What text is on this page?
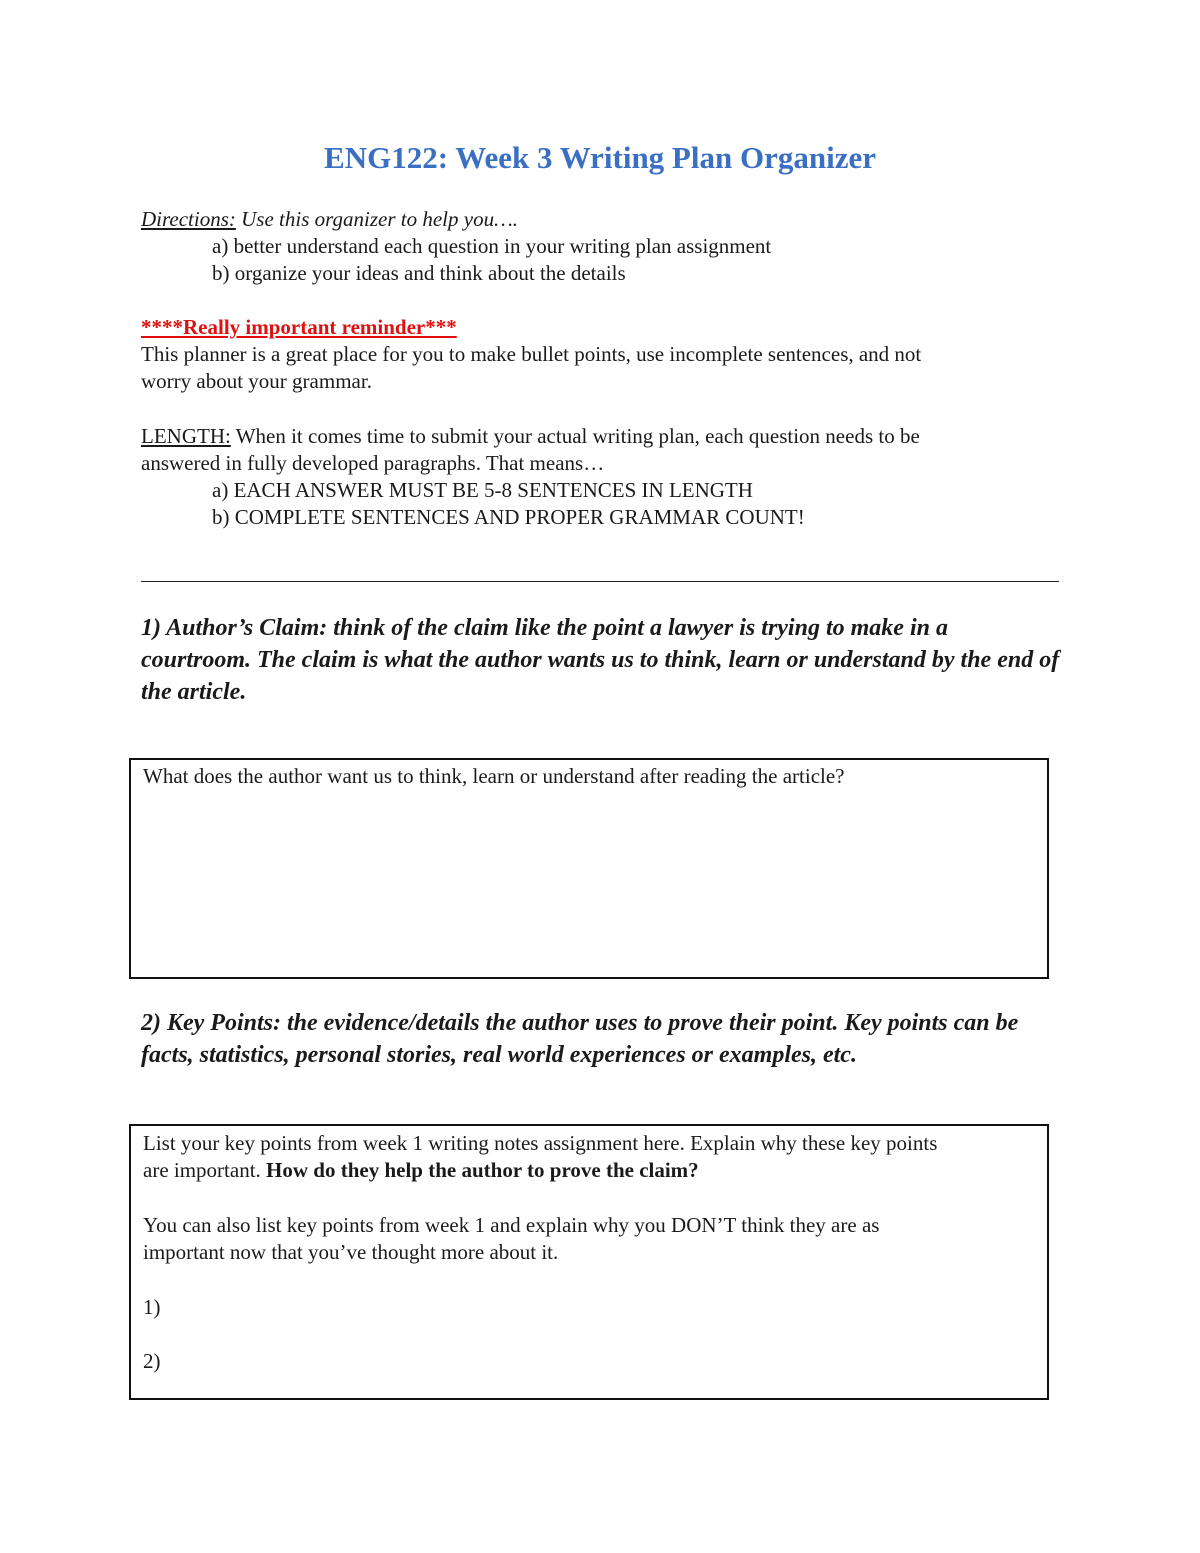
ENG122: Week 3 Writing Plan Organizer
Directions: Use this organizer to help you….
a) better understand each question in your writing plan assignment
b) organize your ideas and think about the details
****Really important reminder***
This planner is a great place for you to make bullet points, use incomplete sentences, and not
worry about your grammar.
LENGTH: When it comes time to submit your actual writing plan, each question needs to be
answered in fully developed paragraphs. That means…
a) EACH ANSWER MUST BE 5-8 SENTENCES IN LENGTH
b) COMPLETE SENTENCES AND PROPER GRAMMAR COUNT!
1) Author’s Claim: think of the claim like the point a lawyer is trying to make in a courtroom. The claim is what the author wants us to think, learn or understand by the end of the article.
What does the author want us to think, learn or understand after reading the article?
2) Key Points: the evidence/details the author uses to prove their point. Key points can be facts, statistics, personal stories, real world experiences or examples, etc.
List your key points from week 1 writing notes assignment here. Explain why these key points
are important. How do they help the author to prove the claim?
You can also list key points from week 1 and explain why you DON’T think they are as
important now that you’ve thought more about it.
1)
2)
